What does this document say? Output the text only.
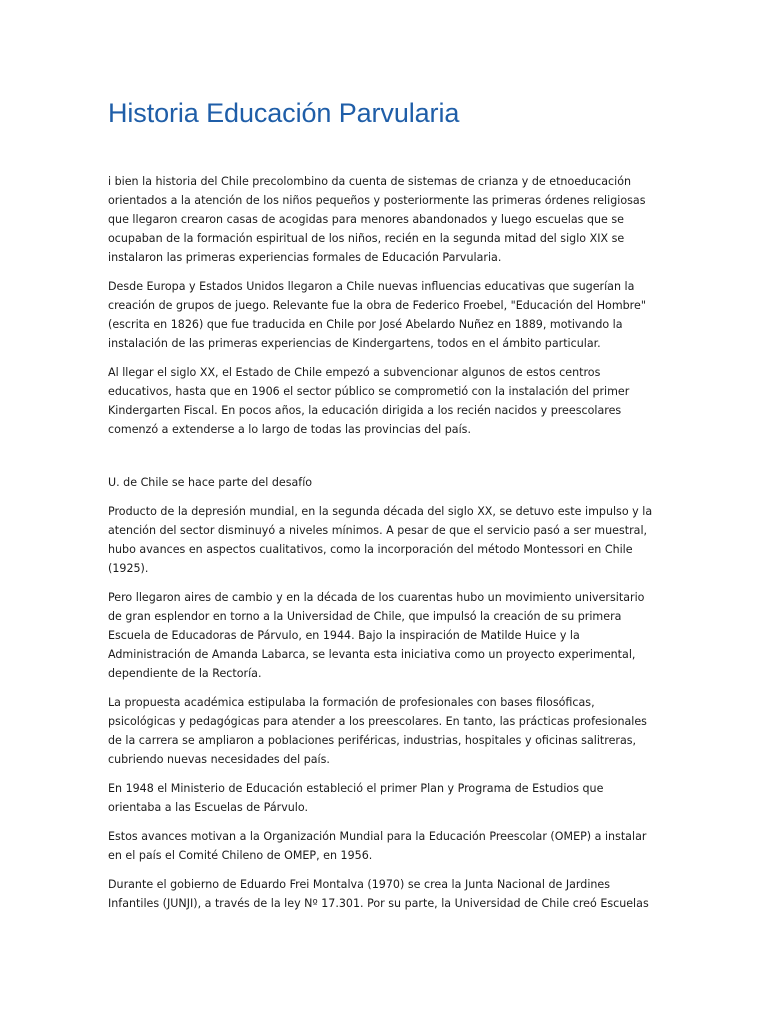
Historia Educación Parvularia

i bien la historia del Chile precolombino da cuenta de sistemas de crianza y de etnoeducación orientados a la atención de los niños pequeños y posteriormente las primeras órdenes religiosas que llegaron crearon casas de acogidas para menores abandonados y luego escuelas que se ocupaban de la formación espiritual de los niños, recién en la segunda mitad del siglo XIX se instalaron las primeras experiencias formales de Educación Parvularia.

Desde Europa y Estados Unidos llegaron a Chile nuevas influencias educativas que sugerían la creación de grupos de juego. Relevante fue la obra de Federico Froebel, "Educación del Hombre" (escrita en 1826) que fue traducida en Chile por José Abelardo Nuñez en 1889, motivando la instalación de las primeras experiencias de Kindergartens, todos en el ámbito particular.

Al llegar el siglo XX, el Estado de Chile empezó a subvencionar algunos de estos centros educativos, hasta que en 1906 el sector público se comprometió con la instalación del primer Kindergarten Fiscal. En pocos años, la educación dirigida a los recién nacidos y preescolares comenzó a extenderse a lo largo de todas las provincias del país.

U. de Chile se hace parte del desafío

Producto de la depresión mundial, en la segunda década del siglo XX, se detuvo este impulso y la atención del sector disminuyó a niveles mínimos. A pesar de que el servicio pasó a ser muestral, hubo avances en aspectos cualitativos, como la incorporación del método Montessori en Chile (1925).

Pero llegaron aires de cambio y en la década de los cuarentas hubo un movimiento universitario de gran esplendor en torno a la Universidad de Chile, que impulsó la creación de su primera Escuela de Educadoras de Párvulo, en 1944. Bajo la inspiración de Matilde Huice y la Administración de Amanda Labarca, se levanta esta iniciativa como un proyecto experimental, dependiente de la Rectoría.

La propuesta académica estipulaba la formación de profesionales con bases filosóficas, psicológicas y pedagógicas para atender a los preescolares. En tanto, las prácticas profesionales de la carrera se ampliaron a poblaciones periféricas, industrias, hospitales y oficinas salitreras, cubriendo nuevas necesidades del país.

En 1948 el Ministerio de Educación estableció el primer Plan y Programa de Estudios que orientaba a las Escuelas de Párvulo.

Estos avances motivan a la Organización Mundial para la Educación Preescolar (OMEP) a instalar en el país el Comité Chileno de OMEP, en 1956.

Durante el gobierno de Eduardo Frei Montalva (1970) se crea la Junta Nacional de Jardines Infantiles (JUNJI), a través de la ley Nº 17.301. Por su parte, la Universidad de Chile creó Escuelas
